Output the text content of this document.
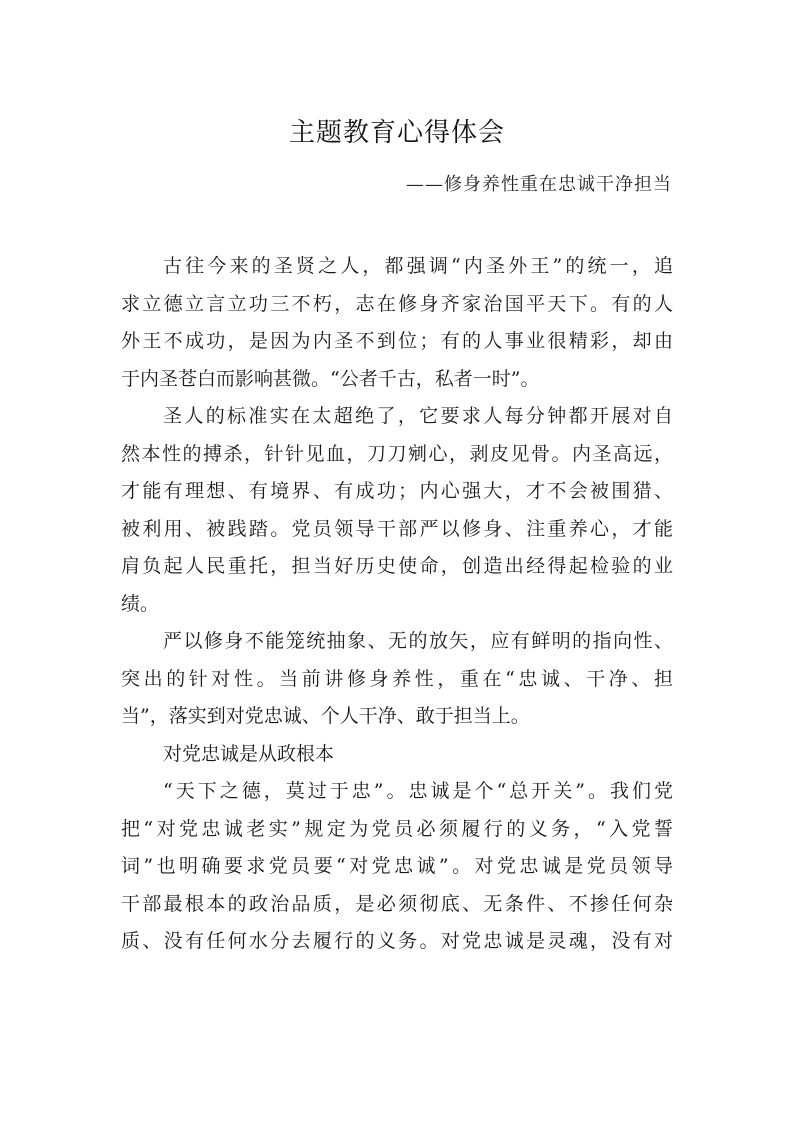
主题教育心得体会
——修身养性重在忠诚干净担当
古往今来的圣贤之人，都强调“内圣外王”的统一，追
求立德立言立功三不朽，志在修身齐家治国平天下。有的人
外王不成功，是因为内圣不到位；有的人事业很精彩，却由
于内圣苍白而影响甚微。“公者千古，私者一时”。
圣人的标准实在太超绝了，它要求人每分钟都开展对自
然本性的搏杀，针针见血，刀刀剜心，剥皮见骨。内圣高远，
才能有理想、有境界、有成功；内心强大，才不会被围猎、
被利用、被践踏。党员领导干部严以修身、注重养心，才能
肩负起人民重托，担当好历史使命，创造出经得起检验的业
绩。
严以修身不能笼统抽象、无的放矢，应有鲜明的指向性、
突出的针对性。当前讲修身养性，重在“忠诚、干净、担
当”，落实到对党忠诚、个人干净、敢于担当上。
对党忠诚是从政根本
“天下之德，莫过于忠”。忠诚是个“总开关”。我们党
把“对党忠诚老实”规定为党员必须履行的义务，“入党誓
词”也明确要求党员要“对党忠诚”。对党忠诚是党员领导
干部最根本的政治品质，是必须彻底、无条件、不掺任何杂
质、没有任何水分去履行的义务。对党忠诚是灵魂，没有对
